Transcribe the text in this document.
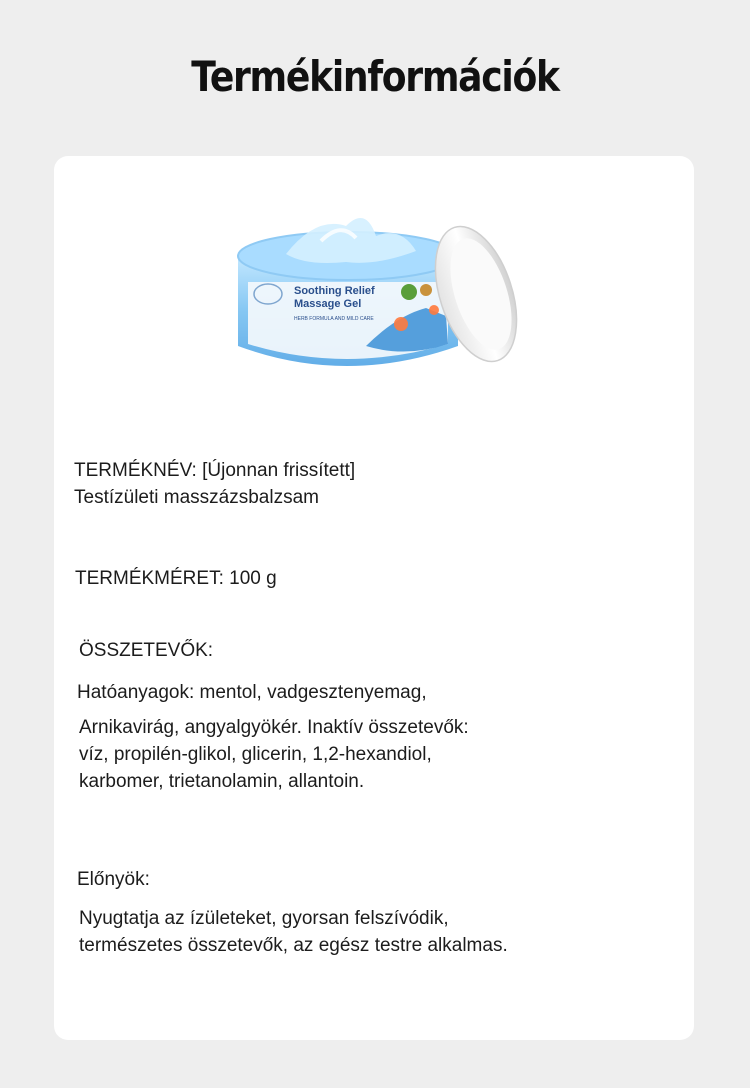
Termékinformációk
Soothing Relief
Massage Gel
HERB FORMULA AND MILD CARE
TERMÉKNÉV: [Újonnan frissített]
Testízületi masszázsbalzsam
TERMÉKMÉRET: 100 g
ÖSSZETEVŐK:
Hatóanyagok: mentol, vadgesztenyemag,
Arnikavirág, angyalgyökér. Inaktív összetevők:
víz, propilén-glikol, glicerin, 1,2-hexandiol,
karbomer, trietanolamin, allantoin.
Előnyök:
Nyugtatja az ízületeket, gyorsan felszívódik,
természetes összetevők, az egész testre alkalmas.
